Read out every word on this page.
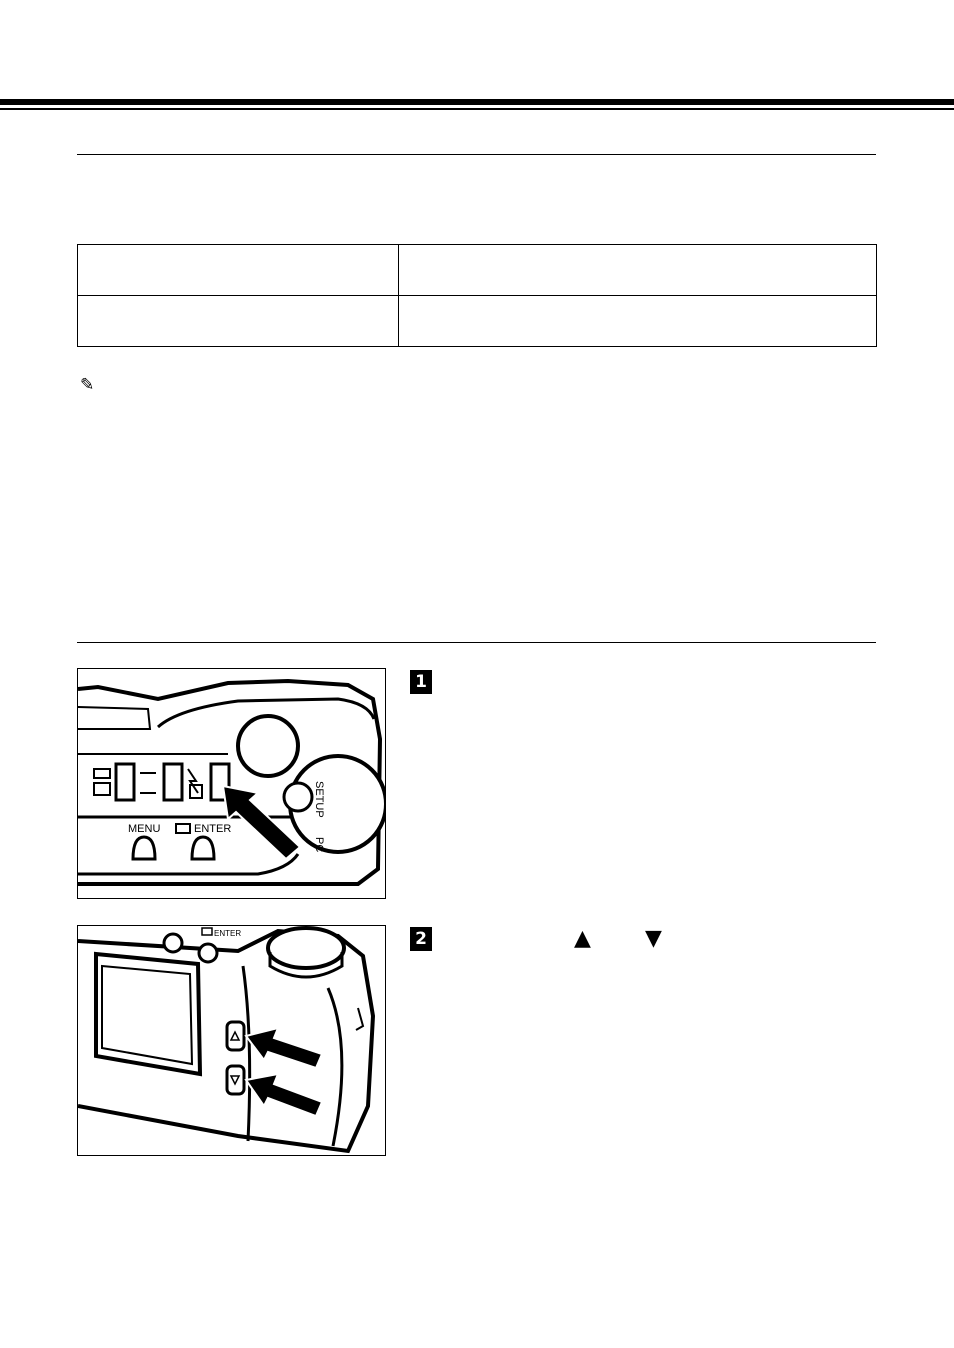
✎
SETUP
PC
MENU	ENTER
1
ENTER	2	▲ ▼
